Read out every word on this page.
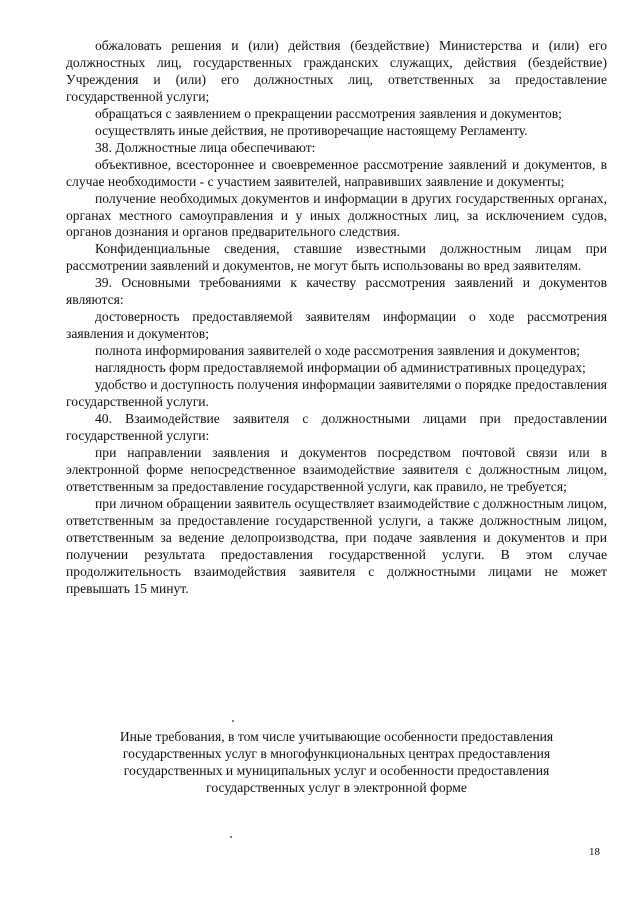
обжаловать решения и (или) действия (бездействие) Министерства и (или) его должностных лиц, государственных гражданских служащих, действия (бездействие) Учреждения и (или) его должностных лиц, ответственных за предоставление государственной услуги;

обращаться с заявлением о прекращении рассмотрения заявления и документов;

осуществлять иные действия, не противоречащие настоящему Регламенту.

38. Должностные лица обеспечивают:

объективное, всестороннее и своевременное рассмотрение заявлений и документов, в случае необходимости - с участием заявителей, направивших заявление и документы;

получение необходимых документов и информации в других государственных органах, органах местного самоуправления и у иных должностных лиц, за исключением судов, органов дознания и органов предварительного следствия.

Конфиденциальные сведения, ставшие известными должностным лицам при рассмотрении заявлений и документов, не могут быть использованы во вред заявителям.

39. Основными требованиями к качеству рассмотрения заявлений и документов являются:

достоверность предоставляемой заявителям информации о ходе рассмотрения заявления и документов;

полнота информирования заявителей о ходе рассмотрения заявления и документов;

наглядность форм предоставляемой информации об административных процедурах;

удобство и доступность получения информации заявителями о порядке предоставления государственной услуги.

40. Взаимодействие заявителя с должностными лицами при предоставлении государственной услуги:

при направлении заявления и документов посредством почтовой связи или в электронной форме непосредственное взаимодействие заявителя с должностным лицом, ответственным за предоставление государственной услуги, как правило, не требуется;

при личном обращении заявитель осуществляет взаимодействие с должностным лицом, ответственным за предоставление государственной услуги, а также должностным лицом, ответственным за ведение делопроизводства, при подаче заявления и документов и при получении результата предоставления государственной услуги. В этом случае продолжительность взаимодействия заявителя с должностными лицами не может превышать 15 минут.

Иные требования, в том числе учитывающие особенности предоставления
государственных услуг в многофункциональных центрах предоставления
государственных и муниципальных услуг и особенности предоставления
государственных услуг в электронной форме
18
